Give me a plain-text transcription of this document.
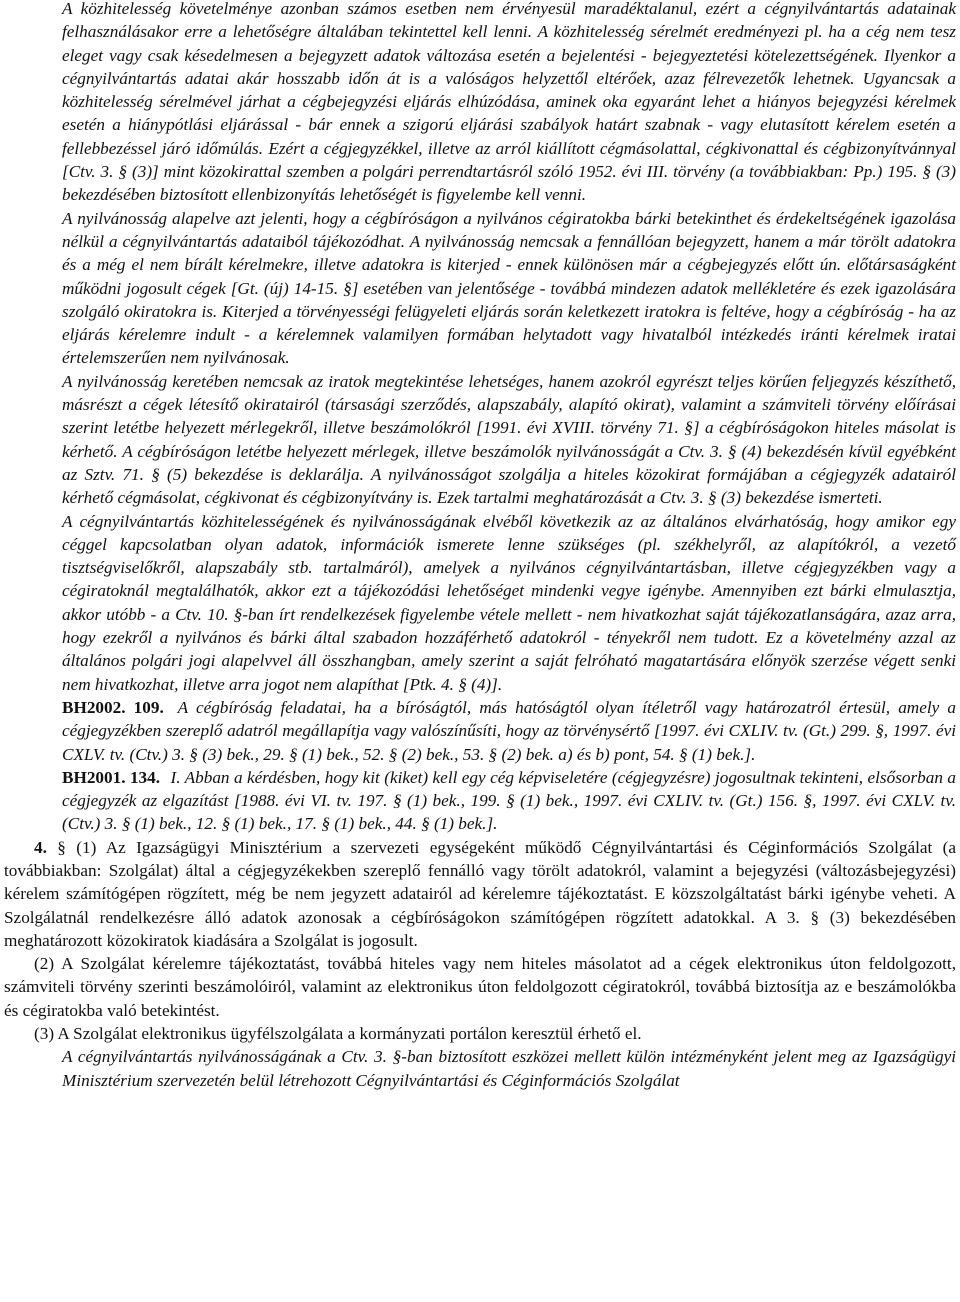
A közhitelesség követelménye azonban számos esetben nem érvényesül maradéktalanul, ezért a cégnyilvántartás adatainak felhasználásakor erre a lehetőségre általában tekintettel kell lenni. A közhitelesség sérelmét eredményezi pl. ha a cég nem tesz eleget vagy csak késedelmesen a bejegyzett adatok változása esetén a bejelentési - bejegyeztetési kötelezettségének. Ilyenkor a cégnyilvántartás adatai akár hosszabb időn át is a valóságos helyzettől eltérőek, azaz félrevezetők lehetnek. Ugyancsak a közhitelesség sérelmével járhat a cégbejegyzési eljárás elhúzódása, aminek oka egyaránt lehet a hiányos bejegyzési kérelmek esetén a hiánypótlási eljárással - bár ennek a szigorú eljárási szabályok határt szabnak - vagy elutasított kérelem esetén a fellebbezéssel járó időmúlás. Ezért a cégjegyzékkel, illetve az arról kiállított cégmásolattal, cégkivonattal és cégbizonyítvánnyal [Ctv. 3. § (3)] mint közokirattal szemben a polgári perrendtartásról szóló 1952. évi III. törvény (a továbbiakban: Pp.) 195. § (3) bekezdésében biztosított ellenbizonyítás lehetőségét is figyelembe kell venni.

A nyilvánosság alapelve azt jelenti, hogy a cégbíróságon a nyilvános cégiratokba bárki betekinthet és érdekeltségének igazolása nélkül a cégnyilvántartás adataiból tájékozódhat. A nyilvánosság nemcsak a fennállóan bejegyzett, hanem a már törölt adatokra és a még el nem bírált kérelmekre, illetve adatokra is kiterjed - ennek különösen már a cégbejegyzés előtt ún. előtársaságként működni jogosult cégek [Gt. (új) 14-15. §] esetében van jelentősége - továbbá mindezen adatok mellékletére és ezek igazolására szolgáló okiratokra is. Kiterjed a törvényességi felügyeleti eljárás során keletkezett iratokra is feltéve, hogy a cégbíróság - ha az eljárás kérelemre indult - a kérelemnek valamilyen formában helytadott vagy hivatalból intézkedés iránti kérelmek iratai értelemszerűen nem nyilvánosak.

A nyilvánosság keretében nemcsak az iratok megtekintése lehetséges, hanem azokról egyrészt teljes körűen feljegyzés készíthető, másrészt a cégek létesítő okiratairól (társasági szerződés, alapszabály, alapító okirat), valamint a számviteli törvény előírásai szerint letétbe helyezett mérlegekről, illetve beszámolókról [1991. évi XVIII. törvény 71. §] a cégbíróságokon hiteles másolat is kérhető. A cégbíróságon letétbe helyezett mérlegek, illetve beszámolók nyilvánosságát a Ctv. 3. § (4) bekezdésén kívül egyébként az Sztv. 71. § (5) bekezdése is deklarálja. A nyilvánosságot szolgálja a hiteles közokirat formájában a cégjegyzék adatairól kérhető cégmásolat, cégkivonat és cégbizonyítvány is. Ezek tartalmi meghatározását a Ctv. 3. § (3) bekezdése ismerteti.

A cégnyilvántartás közhitelességének és nyilvánosságának elvéből következik az az általános elvárhatóság, hogy amikor egy céggel kapcsolatban olyan adatok, információk ismerete lenne szükséges (pl. székhelyről, az alapítókról, a vezető tisztségviselőkről, alapszabály stb. tartalmáról), amelyek a nyilvános cégnyilvántartásban, illetve cégjegyzékben vagy a cégiratoknál megtalálhatók, akkor ezt a tájékozódási lehetőséget mindenki vegye igénybe. Amennyiben ezt bárki elmulasztja, akkor utóbb - a Ctv. 10. §-ban írt rendelkezések figyelembe vétele mellett - nem hivatkozhat saját tájékozatlanságára, azaz arra, hogy ezekről a nyilvános és bárki által szabadon hozzáférhető adatokról - tényekről nem tudott. Ez a követelmény azzal az általános polgári jogi alapelvvel áll összhangban, amely szerint a saját felróható magatartására előnyök szerzése végett senki nem hivatkozhat, illetve arra jogot nem alapíthat [Ptk. 4. § (4)].

BH2002. 109. A cégbíróság feladatai, ha a bíróságtól, más hatóságtól olyan ítéletről vagy határozatról értesül, amely a cégjegyzékben szereplő adatról megállapítja vagy valószínűsíti, hogy az törvénysértő [1997. évi CXLIV. tv. (Gt.) 299. §, 1997. évi CXLV. tv. (Ctv.) 3. § (3) bek., 29. § (1) bek., 52. § (2) bek., 53. § (2) bek. a) és b) pont, 54. § (1) bek.].

BH2001. 134. I. Abban a kérdésben, hogy kit (kiket) kell egy cég képviseletére (cégjegyzésre) jogosultnak tekinteni, elsősorban a cégjegyzék az elgazítást [1988. évi VI. tv. 197. § (1) bek., 199. § (1) bek., 1997. évi CXLIV. tv. (Gt.) 156. §, 1997. évi CXLV. tv. (Ctv.) 3. § (1) bek., 12. § (1) bek., 17. § (1) bek., 44. § (1) bek.].

4. § (1) Az Igazságügyi Minisztérium a szervezeti egységeként működő Cégnyilvántartási és Céginformációs Szolgálat (a továbbiakban: Szolgálat) által a cégjegyzékekben szereplő fennálló vagy törölt adatokról, valamint a bejegyzési (változásbejegyzési) kérelem számítógépen rögzített, még be nem jegyzett adatairól ad kérelemre tájékoztatást. E közszolgáltatást bárki igénybe veheti. A Szolgálatnál rendelkezésre álló adatok azonosak a cégbíróságokon számítógépen rögzített adatokkal. A 3. § (3) bekezdésében meghatározott közokiratok kiadására a Szolgálat is jogosult.

(2) A Szolgálat kérelemre tájékoztatást, továbbá hiteles vagy nem hiteles másolatot ad a cégek elektronikus úton feldolgozott, számviteli törvény szerinti beszámolóiról, valamint az elektronikus úton feldolgozott cégiratokról, továbbá biztosítja az e beszámolókba és cégiratokba való betekintést.

(3) A Szolgálat elektronikus ügyfélszolgálata a kormányzati portálon keresztül érhető el.

A cégnyilvántartás nyilvánosságának a Ctv. 3. §-ban biztosított eszközei mellett külön intézményként jelent meg az Igazságügyi Minisztérium szervezetén belül létrehozott Cégnyilvántartási és Céginformációs Szolgálat
